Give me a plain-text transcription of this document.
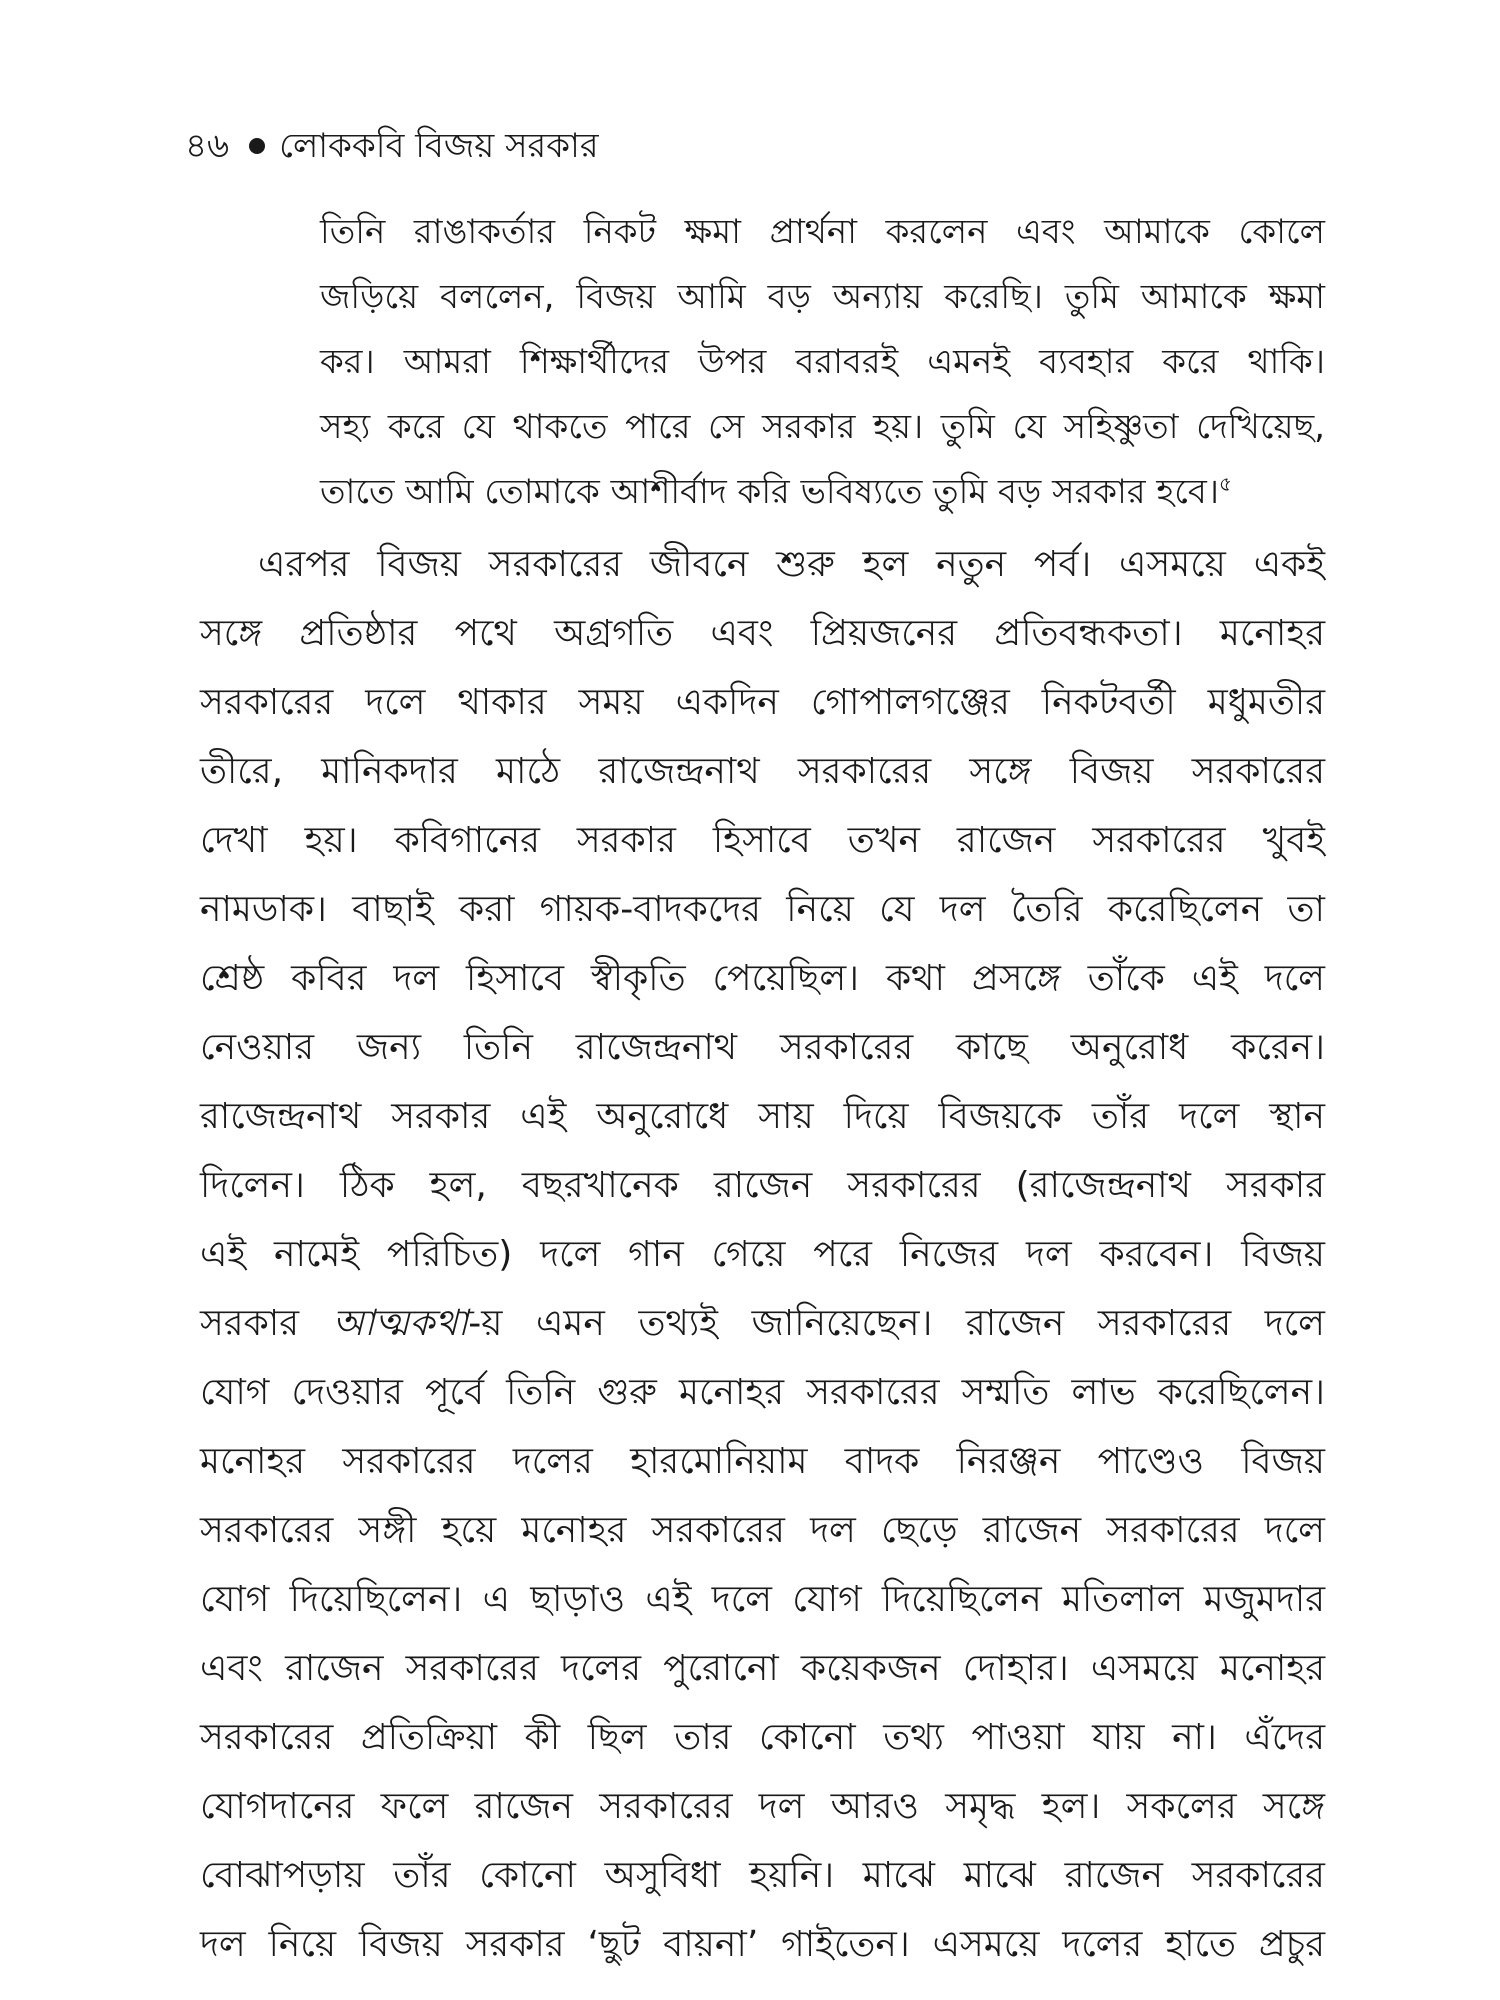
৪৬ লোককবি বিজয় সরকার
তিনি রাঙাকর্তার নিকট ক্ষমা প্রার্থনা করলেন এবং আমাকে কোলে
জড়িয়ে বললেন, বিজয় আমি বড় অন্যায় করেছি। তুমি আমাকে ক্ষমা
কর। আমরা শিক্ষার্থীদের উপর বরাবরই এমনই ব্যবহার করে থাকি।
সহ্য করে যে থাকতে পারে সে সরকার হয়। তুমি যে সহিষ্ণুতা দেখিয়েছ,
তাতে আমি তোমাকে আশীর্বাদ করি ভবিষ্যতে তুমি বড় সরকার হবে।$^৫$
এরপর বিজয় সরকারের জীবনে শুরু হল নতুন পর্ব। এসময়ে একই
সঙ্গে প্রতিষ্ঠার পথে অগ্রগতি এবং প্রিয়জনের প্রতিবন্ধকতা। মনোহর
সরকারের দলে থাকার সময় একদিন গোপালগঞ্জের নিকটবর্তী মধুমতীর
তীরে, মানিকদার মাঠে রাজেন্দ্রনাথ সরকারের সঙ্গে বিজয় সরকারের
দেখা হয়। কবিগানের সরকার হিসাবে তখন রাজেন সরকারের খুবই
নামডাক। বাছাই করা গায়ক-বাদকদের নিয়ে যে দল তৈরি করেছিলেন তা
শ্রেষ্ঠ কবির দল হিসাবে স্বীকৃতি পেয়েছিল। কথা প্রসঙ্গে তাঁকে এই দলে
নেওয়ার জন্য তিনি রাজেন্দ্রনাথ সরকারের কাছে অনুরোধ করেন।
রাজেন্দ্রনাথ সরকার এই অনুরোধে সায় দিয়ে বিজয়কে তাঁর দলে স্থান
দিলেন। ঠিক হল, বছরখানেক রাজেন সরকারের (রাজেন্দ্রনাথ সরকার
এই নামেই পরিচিত) দলে গান গেয়ে পরে নিজের দল করবেন। বিজয়
সরকার আত্মকথা-য় এমন তথ্যই জানিয়েছেন। রাজেন সরকারের দলে
যোগ দেওয়ার পূর্বে তিনি গুরু মনোহর সরকারের সম্মতি লাভ করেছিলেন।
মনোহর সরকারের দলের হারমোনিয়াম বাদক নিরঞ্জন পাণ্ডেও বিজয়
সরকারের সঙ্গী হয়ে মনোহর সরকারের দল ছেড়ে রাজেন সরকারের দলে
যোগ দিয়েছিলেন। এ ছাড়াও এই দলে যোগ দিয়েছিলেন মতিলাল মজুমদার
এবং রাজেন সরকারের দলের পুরোনো কয়েকজন দোহার। এসময়ে মনোহর
সরকারের প্রতিক্রিয়া কী ছিল তার কোনো তথ্য পাওয়া যায় না। এঁদের
যোগদানের ফলে রাজেন সরকারের দল আরও সমৃদ্ধ হল। সকলের সঙ্গে
বোঝাপড়ায় তাঁর কোনো অসুবিধা হয়নি। মাঝে মাঝে রাজেন সরকারের
দল নিয়ে বিজয় সরকার ‘ছুট বায়না’ গাইতেন। এসময়ে দলের হাতে প্রচুর
